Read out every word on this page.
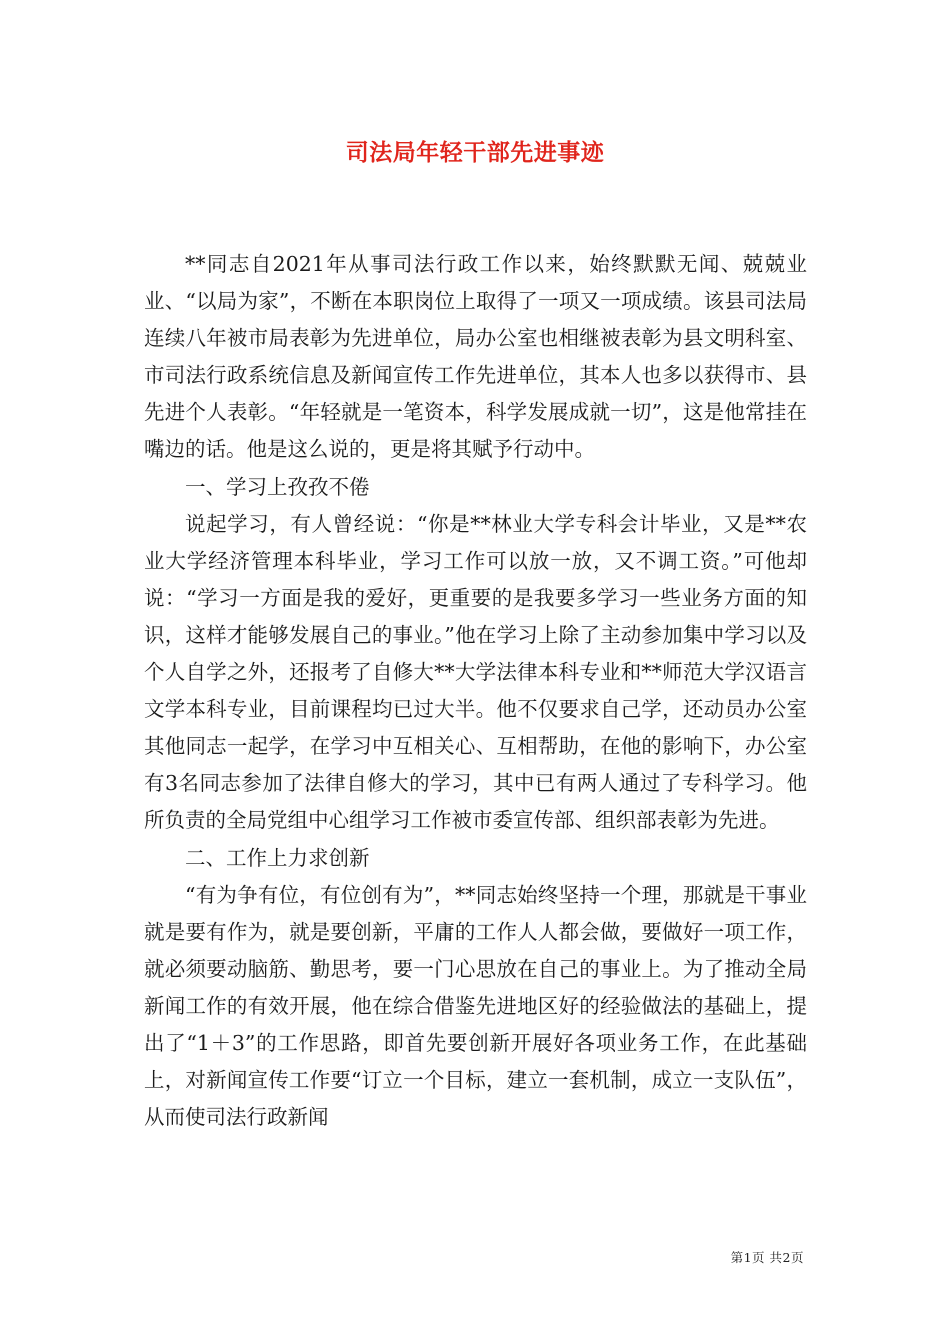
司法局年轻干部先进事迹

**同志自2021年从事司法行政工作以来，始终默默无闻、兢兢业业、“以局为家”，不断在本职岗位上取得了一项又一项成绩。该县司法局连续八年被市局表彰为先进单位，局办公室也相继被表彰为县文明科室、市司法行政系统信息及新闻宣传工作先进单位，其本人也多以获得市、县先进个人表彰。“年轻就是一笔资本，科学发展成就一切”，这是他常挂在嘴边的话。他是这么说的，更是将其赋予行动中。

一、学习上孜孜不倦

说起学习，有人曾经说：“你是**林业大学专科会计毕业，又是**农业大学经济管理本科毕业，学习工作可以放一放，又不调工资。”可他却说：“学习一方面是我的爱好，更重要的是我要多学习一些业务方面的知识，这样才能够发展自己的事业。”他在学习上除了主动参加集中学习以及个人自学之外，还报考了自修大**大学法律本科专业和**师范大学汉语言文学本科专业，目前课程均已过大半。他不仅要求自己学，还动员办公室其他同志一起学，在学习中互相关心、互相帮助，在他的影响下，办公室有3名同志参加了法律自修大的学习，其中已有两人通过了专科学习。他所负责的全局党组中心组学习工作被市委宣传部、组织部表彰为先进。

二、工作上力求创新

“有为争有位，有位创有为”，**同志始终坚持一个理，那就是干事业就是要有作为，就是要创新，平庸的工作人人都会做，要做好一项工作，就必须要动脑筋、勤思考，要一门心思放在自己的事业上。为了推动全局新闻工作的有效开展，他在综合借鉴先进地区好的经验做法的基础上，提出了“1＋3”的工作思路，即首先要创新开展好各项业务工作，在此基础上，对新闻宣传工作要“订立一个目标，建立一套机制，成立一支队伍”，从而使司法行政新闻

第1页 共2页
